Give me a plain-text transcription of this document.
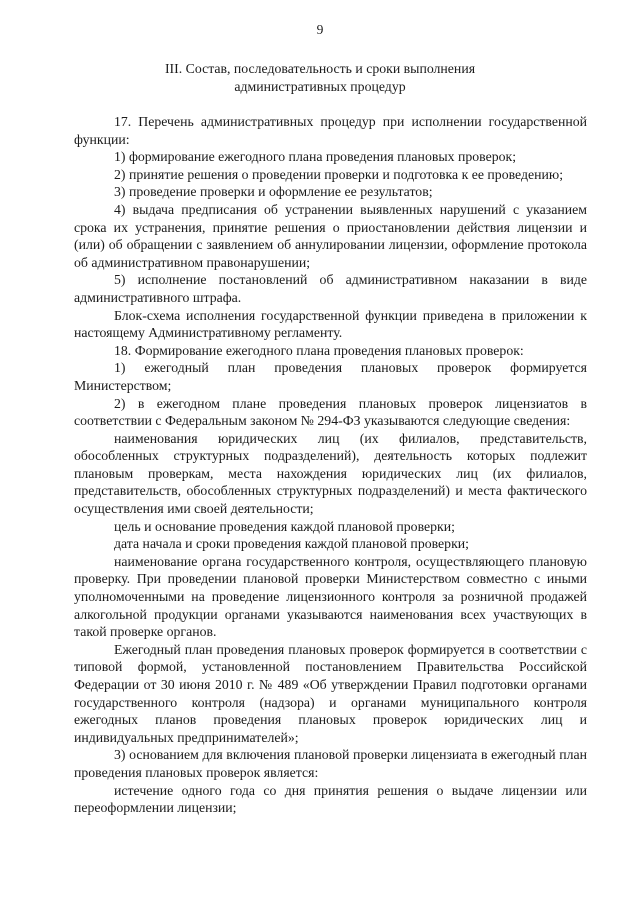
9
III. Состав, последовательность и сроки выполнения
административных процедур

17. Перечень административных процедур при исполнении государственной функции:

1) формирование ежегодного плана проведения плановых проверок;

2) принятие решения о проведении проверки и подготовка к ее проведению;

3) проведение проверки и оформление ее результатов;

4) выдача предписания об устранении выявленных нарушений с указанием срока их устранения, принятие решения о приостановлении действия лицензии и (или) об обращении с заявлением об аннулировании лицензии, оформление протокола об административном правонарушении;

5) исполнение постановлений об административном наказании в виде административного штрафа.

Блок-схема исполнения государственной функции приведена в приложении к настоящему Административному регламенту.

18. Формирование ежегодного плана проведения плановых проверок:

1) ежегодный план проведения плановых проверок формируется Министерством;

2) в ежегодном плане проведения плановых проверок лицензиатов в соответствии с Федеральным законом № 294-ФЗ указываются следующие сведения:

наименования юридических лиц (их филиалов, представительств, обособленных структурных подразделений), деятельность которых подлежит плановым проверкам, места нахождения юридических лиц (их филиалов, представительств, обособленных структурных подразделений) и места фактического осуществления ими своей деятельности;

цель и основание проведения каждой плановой проверки;

дата начала и сроки проведения каждой плановой проверки;

наименование органа государственного контроля, осуществляющего плановую проверку. При проведении плановой проверки Министерством совместно с иными уполномоченными на проведение лицензионного контроля за розничной продажей алкогольной продукции органами указываются наименования всех участвующих в такой проверке органов.

Ежегодный план проведения плановых проверок формируется в соответствии с типовой формой, установленной постановлением Правительства Российской Федерации от 30 июня 2010 г. № 489 «Об утверждении Правил подготовки органами государственного контроля (надзора) и органами муниципального контроля ежегодных планов проведения плановых проверок юридических лиц и индивидуальных предпринимателей»;

3) основанием для включения плановой проверки лицензиата в ежегодный план проведения плановых проверок является:

истечение одного года со дня принятия решения о выдаче лицензии или переоформлении лицензии;
